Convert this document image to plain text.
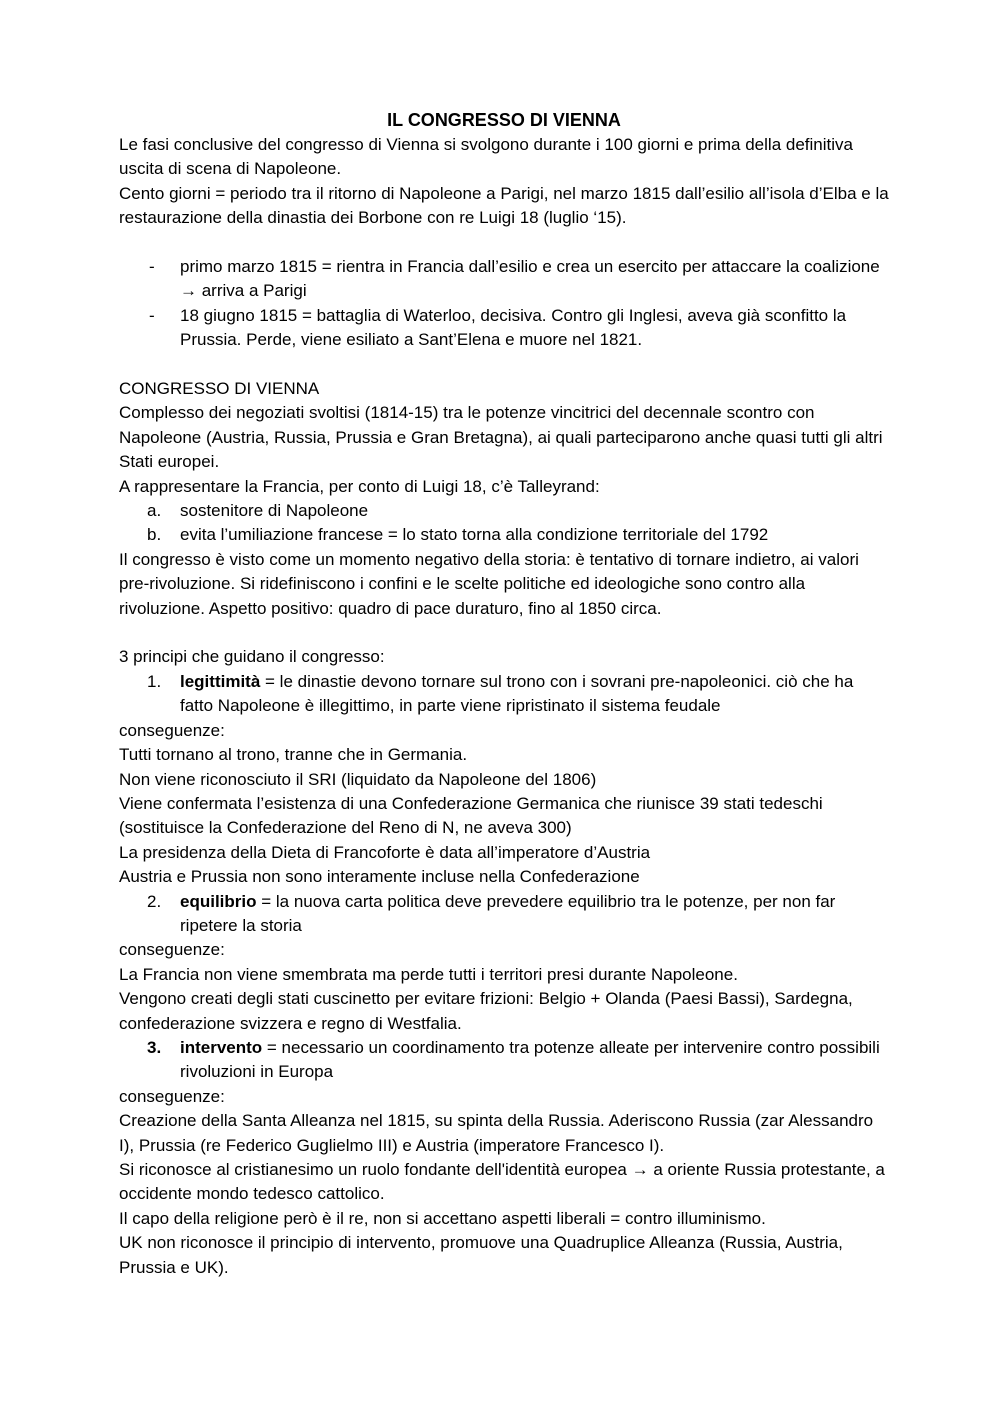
IL CONGRESSO DI VIENNA

Le fasi conclusive del congresso di Vienna si svolgono durante i 100 giorni e prima della definitiva uscita di scena di Napoleone.

Cento giorni = periodo tra il ritorno di Napoleone a Parigi, nel marzo 1815 dall’esilio all’isola d’Elba e la restaurazione della dinastia dei Borbone con re Luigi 18 (luglio ‘15).

- primo marzo 1815 = rientra in Francia dall’esilio e crea un esercito per attaccare la coalizione → arriva a Parigi
- 18 giugno 1815 = battaglia di Waterloo, decisiva. Contro gli Inglesi, aveva già sconfitto la Prussia. Perde, viene esiliato a Sant’Elena e muore nel 1821.

CONGRESSO DI VIENNA

Complesso dei negoziati svoltisi (1814-15) tra le potenze vincitrici del decennale scontro con Napoleone (Austria, Russia, Prussia e Gran Bretagna), ai quali parteciparono anche quasi tutti gli altri Stati europei.

A rappresentare la Francia, per conto di Luigi 18, c’è Talleyrand:

a. sostenitore di Napoleone
b. evita l’umiliazione francese = lo stato torna alla condizione territoriale del 1792

Il congresso è visto come un momento negativo della storia: è tentativo di tornare indietro, ai valori pre-rivoluzione. Si ridefiniscono i confini e le scelte politiche ed ideologiche sono contro alla rivoluzione. Aspetto positivo: quadro di pace duraturo, fino al 1850 circa.

3 principi che guidano il congresso:

1. legittimità = le dinastie devono tornare sul trono con i sovrani pre-napoleonici. ciò che ha fatto Napoleone è illegittimo, in parte viene ripristinato il sistema feudale

conseguenze:

Tutti tornano al trono, tranne che in Germania.

Non viene riconosciuto il SRI (liquidato da Napoleone del 1806)

Viene confermata l’esistenza di una Confederazione Germanica che riunisce 39 stati tedeschi (sostituisce la Confederazione del Reno di N, ne aveva 300)

La presidenza della Dieta di Francoforte è data all’imperatore d’Austria

Austria e Prussia non sono interamente incluse nella Confederazione

2. equilibrio = la nuova carta politica deve prevedere equilibrio tra le potenze, per non far ripetere la storia

conseguenze:

La Francia non viene smembrata ma perde tutti i territori presi durante Napoleone.

Vengono creati degli stati cuscinetto per evitare frizioni: Belgio + Olanda (Paesi Bassi), Sardegna, confederazione svizzera e regno di Westfalia.

3. intervento = necessario un coordinamento tra potenze alleate per intervenire contro possibili rivoluzioni in Europa

conseguenze:

Creazione della Santa Alleanza nel 1815, su spinta della Russia. Aderiscono Russia (zar Alessandro I), Prussia (re Federico Guglielmo III) e Austria (imperatore Francesco I).

Si riconosce al cristianesimo un ruolo fondante dell'identità europea → a oriente Russia protestante, a occidente mondo tedesco cattolico.

Il capo della religione però è il re, non si accettano aspetti liberali = contro illuminismo.

UK non riconosce il principio di intervento, promuove una Quadruplice Alleanza (Russia, Austria, Prussia e UK).
